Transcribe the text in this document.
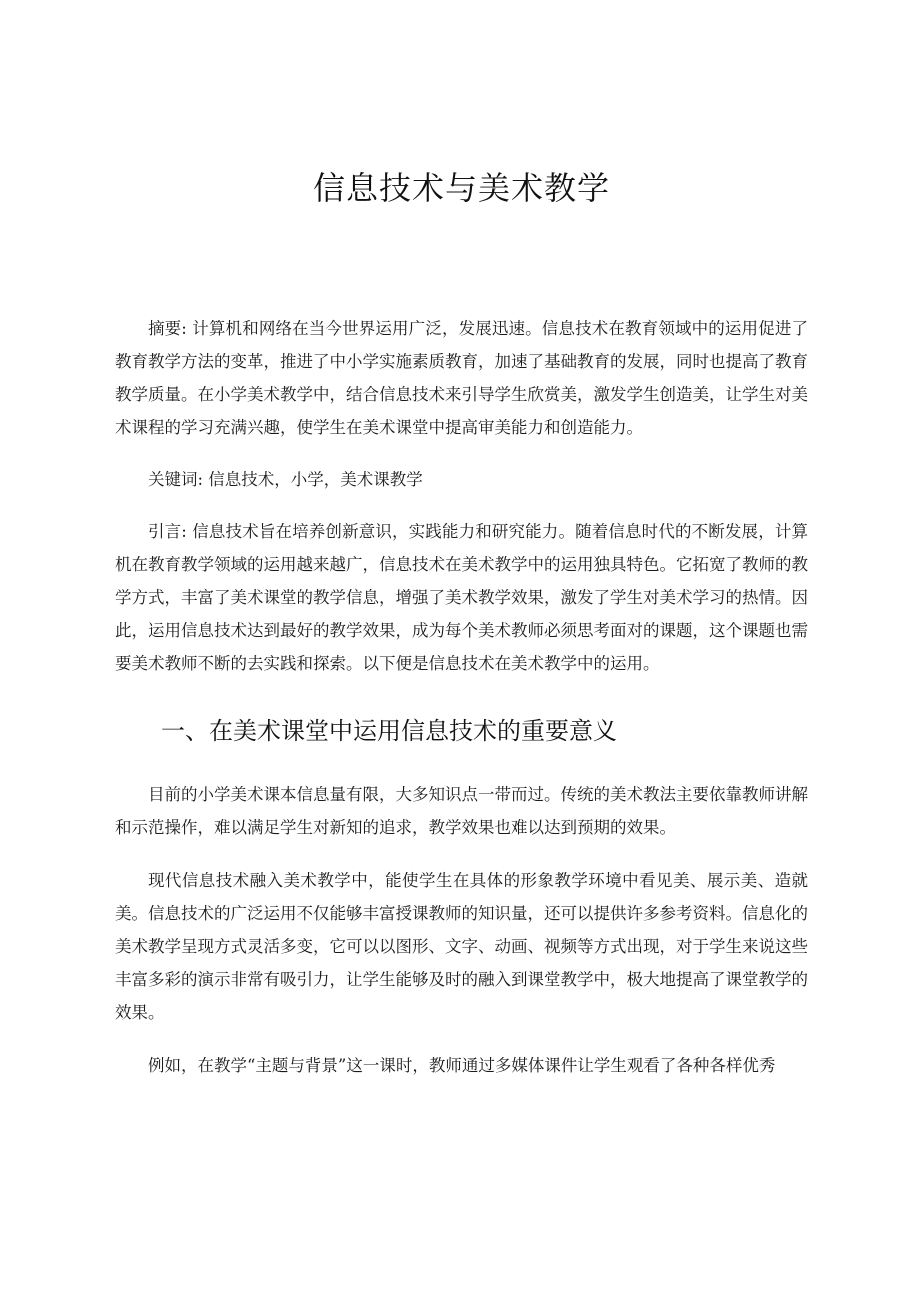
信息技术与美术教学

摘要: 计算机和网络在当今世界运用广泛，发展迅速。信息技术在教育领域中的运用促进了教育教学方法的变革，推进了中小学实施素质教育，加速了基础教育的发展，同时也提高了教育教学质量。在小学美术教学中，结合信息技术来引导学生欣赏美，激发学生创造美，让学生对美术课程的学习充满兴趣，使学生在美术课堂中提高审美能力和创造能力。

关键词: 信息技术，小学，美术课教学

引言: 信息技术旨在培养创新意识，实践能力和研究能力。随着信息时代的不断发展，计算机在教育教学领域的运用越来越广，信息技术在美术教学中的运用独具特色。它拓宽了教师的教学方式，丰富了美术课堂的教学信息，增强了美术教学效果，激发了学生对美术学习的热情。因此，运用信息技术达到最好的教学效果，成为每个美术教师必须思考面对的课题，这个课题也需要美术教师不断的去实践和探索。以下便是信息技术在美术教学中的运用。

一、在美术课堂中运用信息技术的重要意义

目前的小学美术课本信息量有限，大多知识点一带而过。传统的美术教法主要依靠教师讲解和示范操作，难以满足学生对新知的追求，教学效果也难以达到预期的效果。

现代信息技术融入美术教学中，能使学生在具体的形象教学环境中看见美、展示美、造就美。信息技术的广泛运用不仅能够丰富授课教师的知识量，还可以提供许多参考资料。信息化的美术教学呈现方式灵活多变，它可以以图形、文字、动画、视频等方式出现，对于学生来说这些丰富多彩的演示非常有吸引力，让学生能够及时的融入到课堂教学中，极大地提高了课堂教学的效果。

例如，在教学“主题与背景”这一课时，教师通过多媒体课件让学生观看了各种各样优秀
